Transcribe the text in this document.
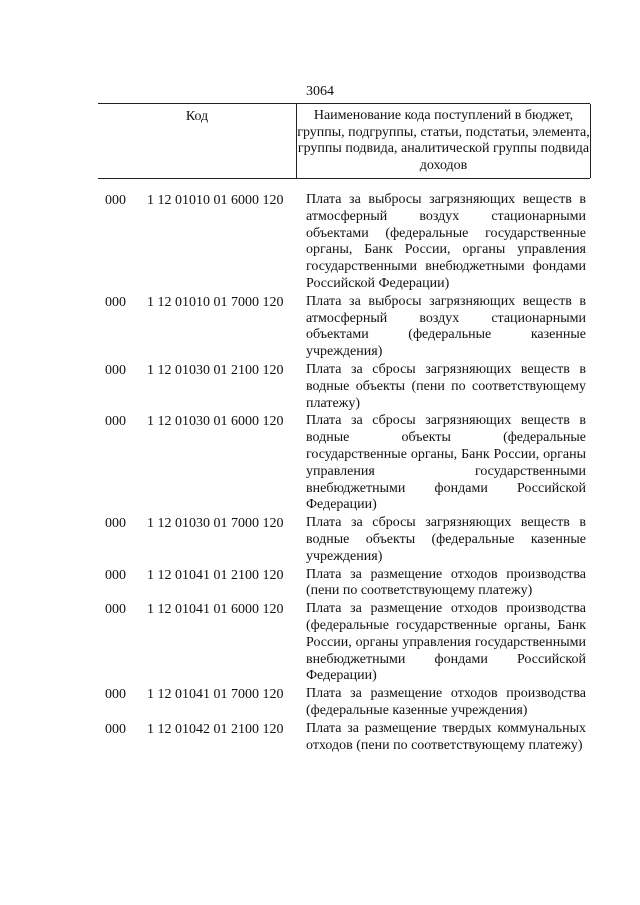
3064
Код	Наименование кода поступлений в бюджет, группы, подгруппы, статьи, подстатьи, элемента, группы подвида, аналитической группы подвида доходов
000 1 12 01010 01 6000 120 Плата за выбросы загрязняющих веществ в атмосферный воздух стационарными объектами (федеральные государственные органы, Банк России, органы управления государственными внебюджетными фондами Российской Федерации)
000 1 12 01010 01 7000 120 Плата за выбросы загрязняющих веществ в атмосферный воздух стационарными объектами (федеральные казенные учреждения)
000 1 12 01030 01 2100 120 Плата за сбросы загрязняющих веществ в водные объекты (пени по соответствующему платежу)
000 1 12 01030 01 6000 120 Плата за сбросы загрязняющих веществ в водные объекты (федеральные государственные органы, Банк России, органы управления государственными внебюджетными фондами Российской Федерации)
000 1 12 01030 01 7000 120 Плата за сбросы загрязняющих веществ в водные объекты (федеральные казенные учреждения)
000 1 12 01041 01 2100 120 Плата за размещение отходов производства (пени по соответствующему платежу)
000 1 12 01041 01 6000 120 Плата за размещение отходов производства (федеральные государственные органы, Банк России, органы управления государственными внебюджетными фондами Российской Федерации)
000 1 12 01041 01 7000 120 Плата за размещение отходов производства (федеральные казенные учреждения)
000 1 12 01042 01 2100 120 Плата за размещение твердых коммунальных отходов (пени по соответствующему платежу)
